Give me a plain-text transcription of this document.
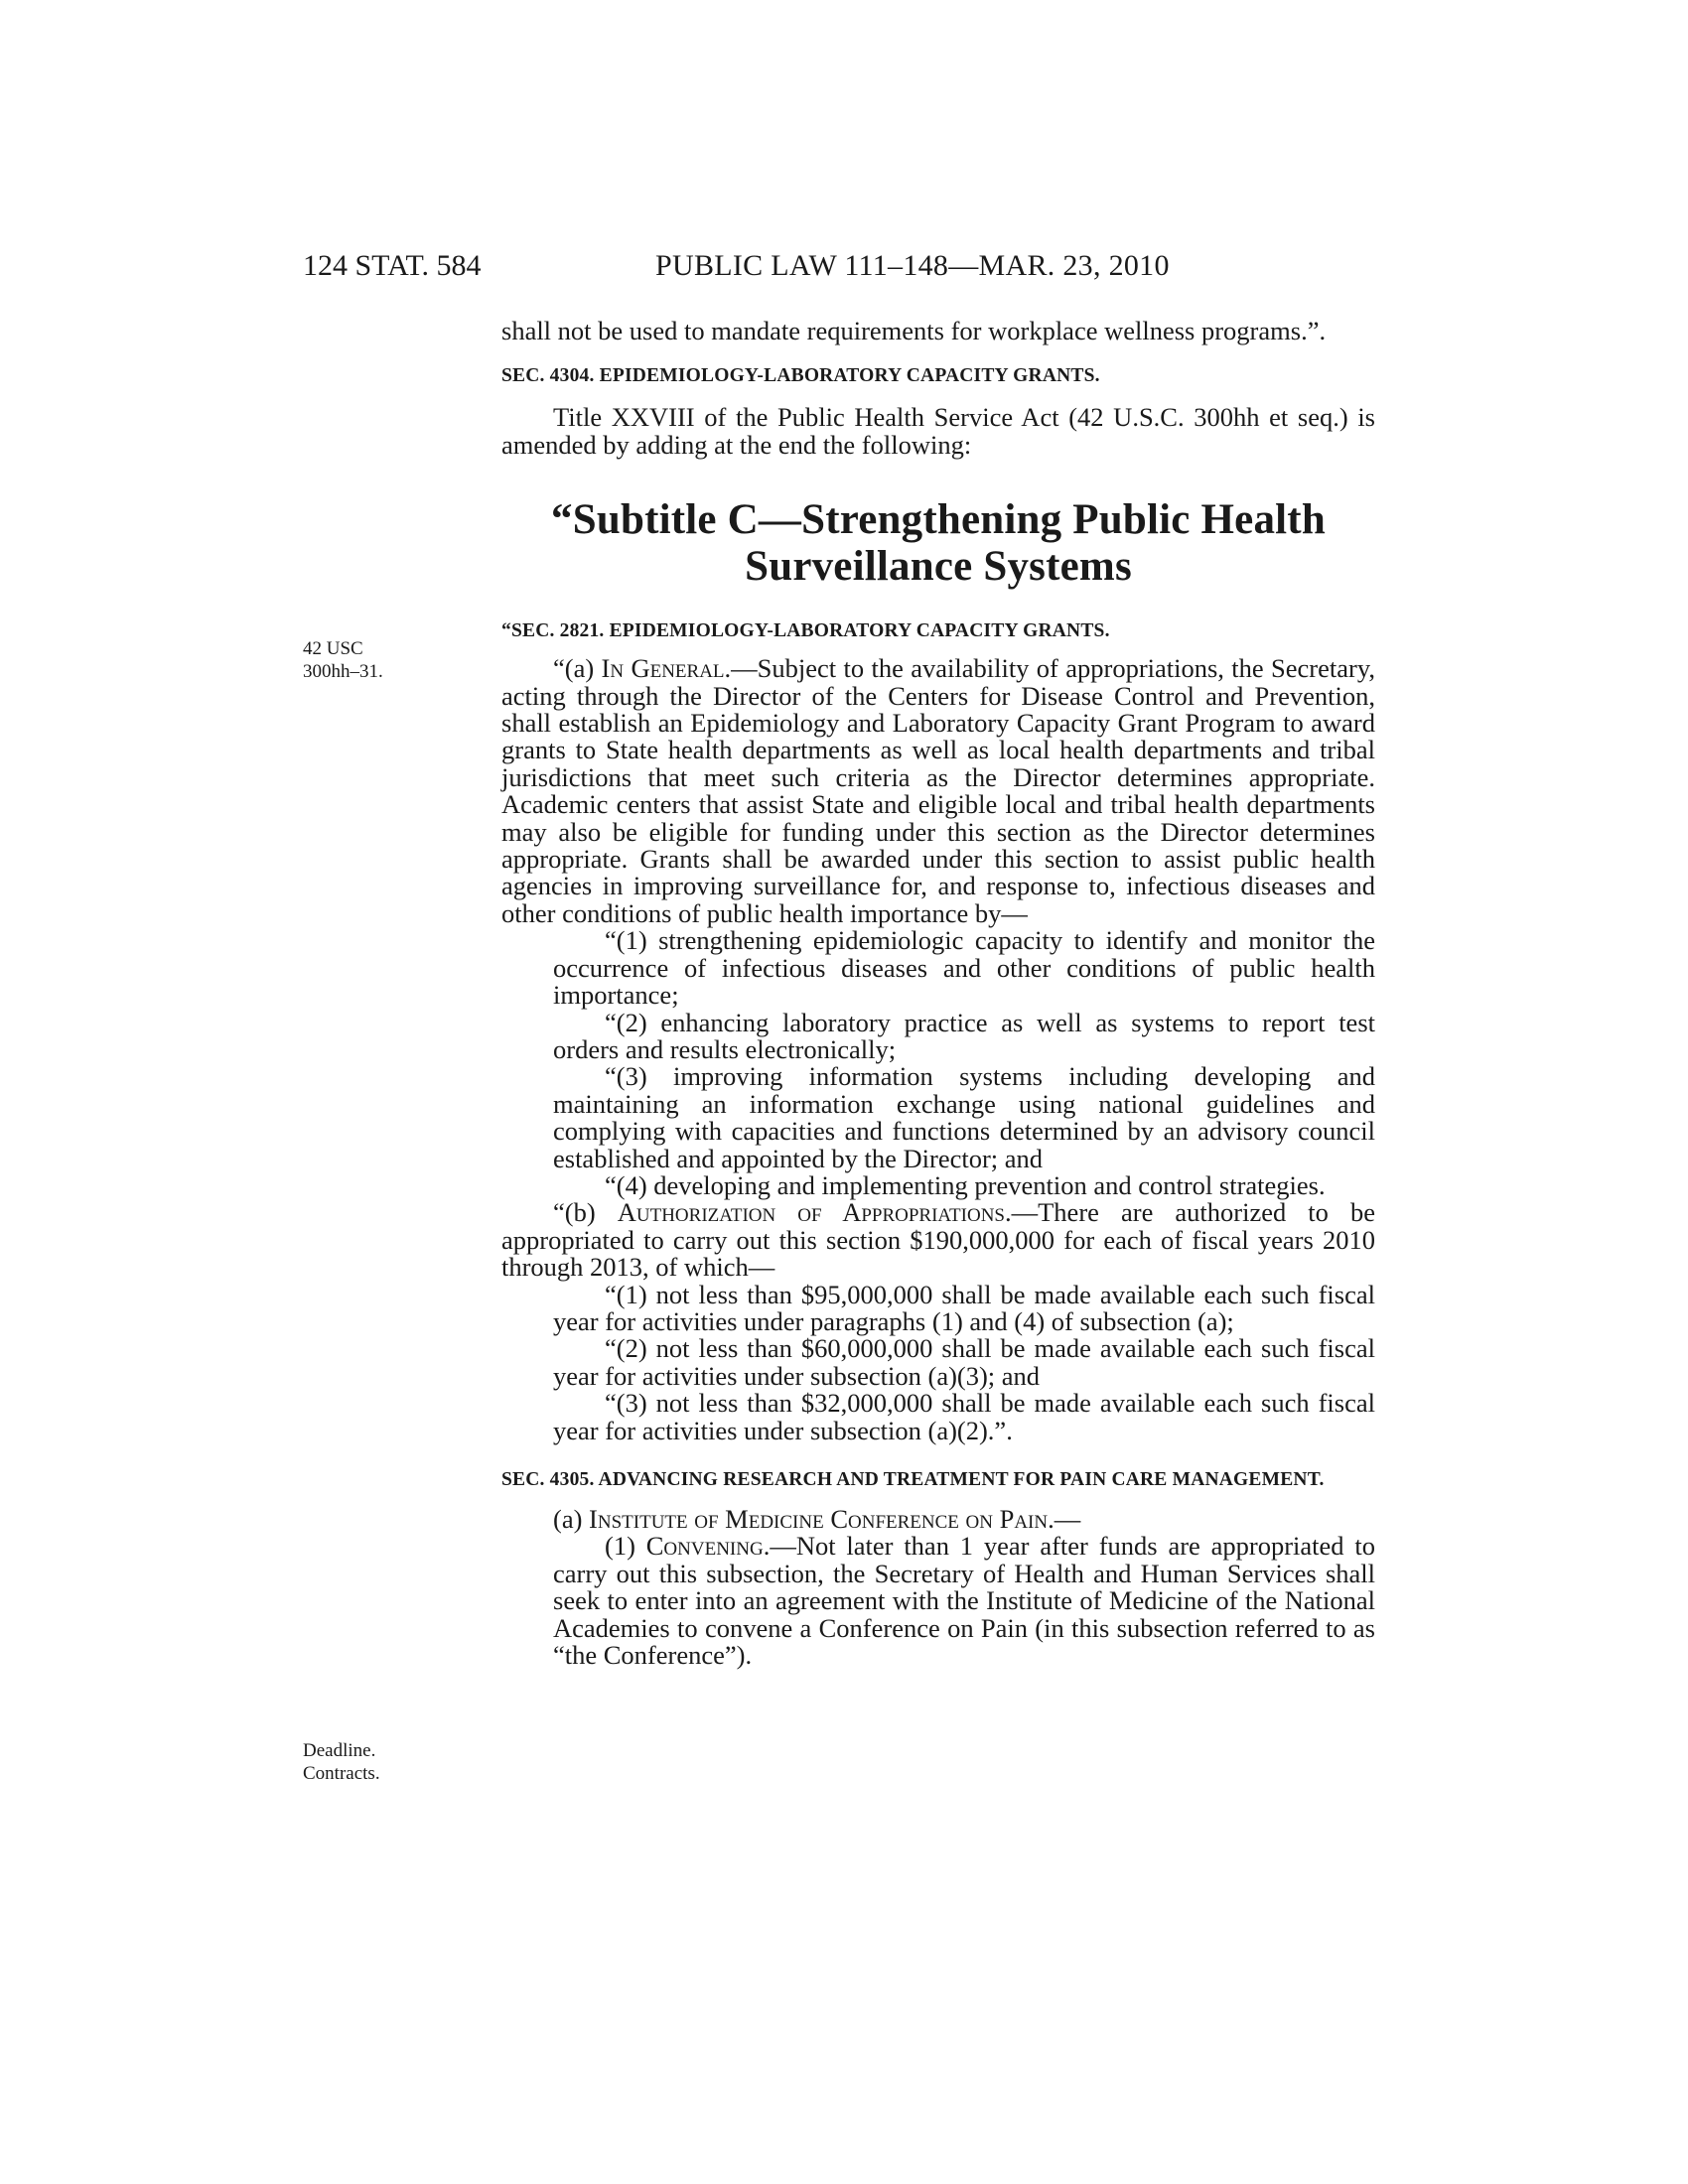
124 STAT. 584	PUBLIC LAW 111–148—MAR. 23, 2010
42 USC
300hh–31.
Deadline.
Contracts.

shall not be used to mandate requirements for workplace wellness programs.”.

SEC. 4304. EPIDEMIOLOGY-LABORATORY CAPACITY GRANTS.

Title XXVIII of the Public Health Service Act (42 U.S.C. 300hh et seq.) is amended by adding at the end the following:

“Subtitle C—Strengthening Public Health
Surveillance Systems
“SEC. 2821. EPIDEMIOLOGY-LABORATORY CAPACITY GRANTS.

“(a) In General.—Subject to the availability of appropriations, the Secretary, acting through the Director of the Centers for Disease Control and Prevention, shall establish an Epidemiology and Laboratory Capacity Grant Program to award grants to State health departments as well as local health departments and tribal jurisdictions that meet such criteria as the Director determines appropriate. Academic centers that assist State and eligible local and tribal health departments may also be eligible for funding under this section as the Director determines appropriate. Grants shall be awarded under this section to assist public health agencies in improving surveillance for, and response to, infectious diseases and other conditions of public health importance by—

“(1) strengthening epidemiologic capacity to identify and monitor the occurrence of infectious diseases and other conditions of public health importance;

“(2) enhancing laboratory practice as well as systems to report test orders and results electronically;

“(3) improving information systems including developing and maintaining an information exchange using national guidelines and complying with capacities and functions determined by an advisory council established and appointed by the Director; and

“(4) developing and implementing prevention and control strategies.

“(b) Authorization of Appropriations.—There are authorized to be appropriated to carry out this section $190,000,000 for each of fiscal years 2010 through 2013, of which—

“(1) not less than $95,000,000 shall be made available each such fiscal year for activities under paragraphs (1) and (4) of subsection (a);

“(2) not less than $60,000,000 shall be made available each such fiscal year for activities under subsection (a)(3); and

“(3) not less than $32,000,000 shall be made available each such fiscal year for activities under subsection (a)(2).”.

SEC. 4305. ADVANCING RESEARCH AND TREATMENT FOR PAIN CARE MANAGEMENT.

(a) Institute of Medicine Conference on Pain.—

(1) Convening.—Not later than 1 year after funds are appropriated to carry out this subsection, the Secretary of Health and Human Services shall seek to enter into an agreement with the Institute of Medicine of the National Academies to convene a Conference on Pain (in this subsection referred to as “the Conference”).
